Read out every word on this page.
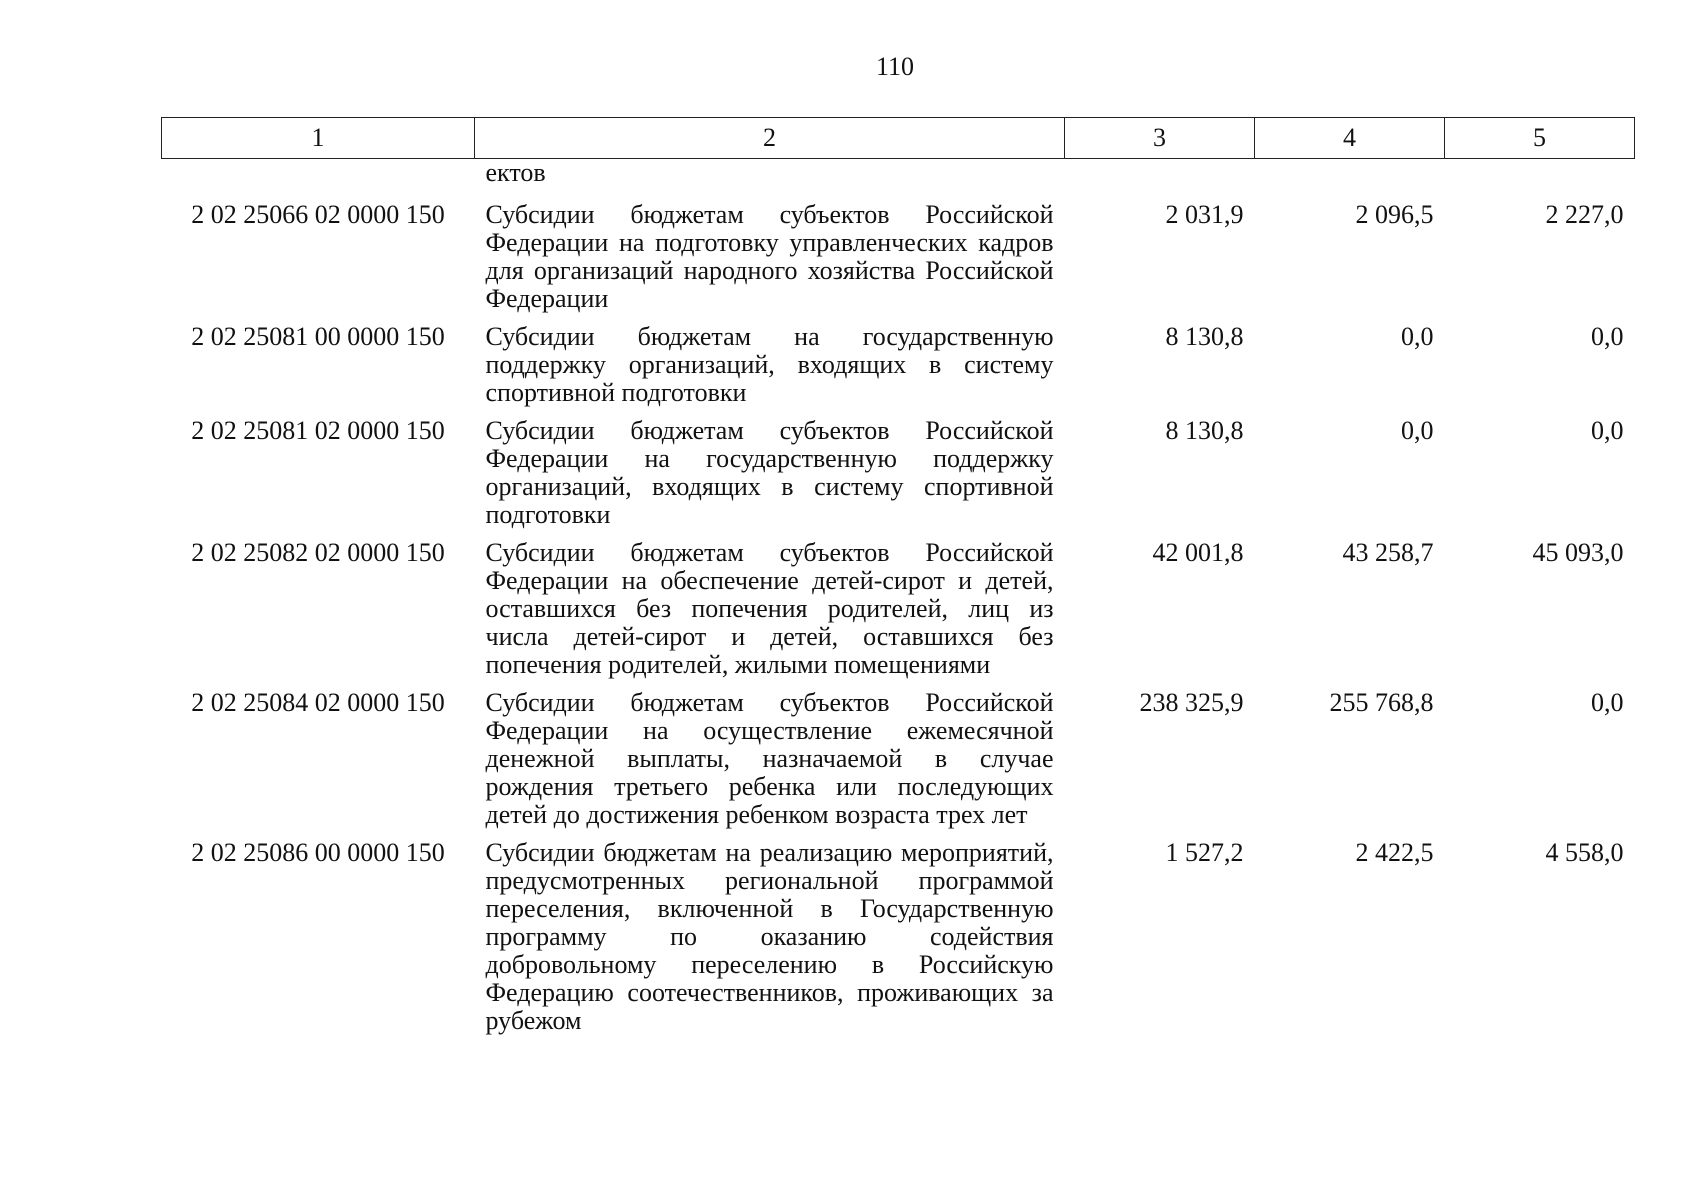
110
1	2	3	4	5
	ектов			
2 02 25066 02 0000 150	Субсидии бюджетам субъектов Российской Федерации на подготовку управленческих кадров для организаций народного хозяйства Российской Федерации	2 031,9	2 096,5	2 227,0
2 02 25081 00 0000 150	Субсидии бюджетам на государственную поддержку организаций, входящих в систему спортивной подготовки	8 130,8	0,0	0,0
2 02 25081 02 0000 150	Субсидии бюджетам субъектов Российской Федерации на государственную поддержку организаций, входящих в систему спортивной подготовки	8 130,8	0,0	0,0
2 02 25082 02 0000 150	Субсидии бюджетам субъектов Российской Федерации на обеспечение детей-сирот и детей, оставшихся без попечения родителей, лиц из числа детей-сирот и детей, оставшихся без попечения родителей, жилыми помещениями	42 001,8	43 258,7	45 093,0
2 02 25084 02 0000 150	Субсидии бюджетам субъектов Российской Федерации на осуществление ежемесячной денежной выплаты, назначаемой в случае рождения третьего ребенка или последующих детей до достижения ребенком возраста трех лет	238 325,9	255 768,8	0,0
2 02 25086 00 0000 150	Субсидии бюджетам на реализацию мероприятий, предусмотренных региональной программой переселения, включенной в Государственную программу по оказанию содействия добровольному переселению в Российскую Федерацию соотечественников, проживающих за рубежом	1 527,2	2 422,5	4 558,0
